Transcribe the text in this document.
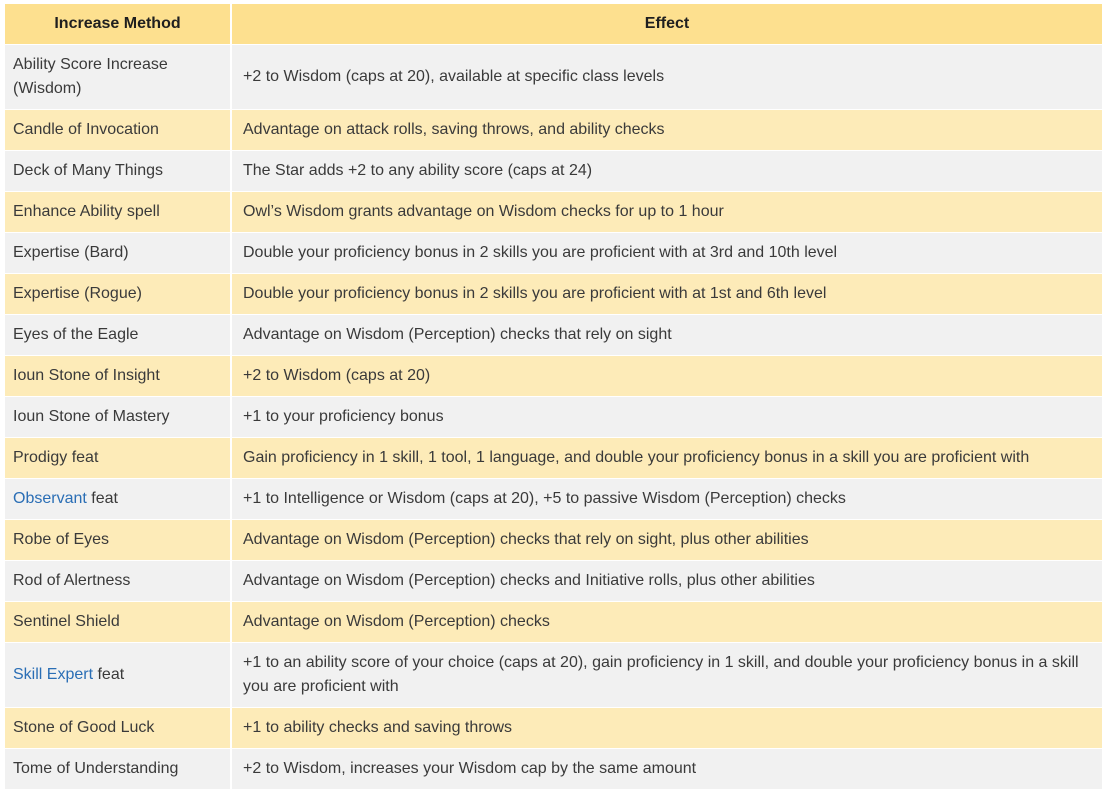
Increase Method	Effect
Ability Score Increase (Wisdom)	+2 to Wisdom (caps at 20), available at specific class levels
Candle of Invocation	Advantage on attack rolls, saving throws, and ability checks
Deck of Many Things	The Star adds +2 to any ability score (caps at 24)
Enhance Ability spell	Owl’s Wisdom grants advantage on Wisdom checks for up to 1 hour
Expertise (Bard)	Double your proficiency bonus in 2 skills you are proficient with at 3rd and 10th level
Expertise (Rogue)	Double your proficiency bonus in 2 skills you are proficient with at 1st and 6th level
Eyes of the Eagle	Advantage on Wisdom (Perception) checks that rely on sight
Ioun Stone of Insight	+2 to Wisdom (caps at 20)
Ioun Stone of Mastery	+1 to your proficiency bonus
Prodigy feat	Gain proficiency in 1 skill, 1 tool, 1 language, and double your proficiency bonus in a skill you are proficient with
Observant feat	+1 to Intelligence or Wisdom (caps at 20), +5 to passive Wisdom (Perception) checks
Robe of Eyes	Advantage on Wisdom (Perception) checks that rely on sight, plus other abilities
Rod of Alertness	Advantage on Wisdom (Perception) checks and Initiative rolls, plus other abilities
Sentinel Shield	Advantage on Wisdom (Perception) checks
Skill Expert feat	+1 to an ability score of your choice (caps at 20), gain proficiency in 1 skill, and double your proficiency bonus in a skill you are proficient with
Stone of Good Luck	+1 to ability checks and saving throws
Tome of Understanding	+2 to Wisdom, increases your Wisdom cap by the same amount
